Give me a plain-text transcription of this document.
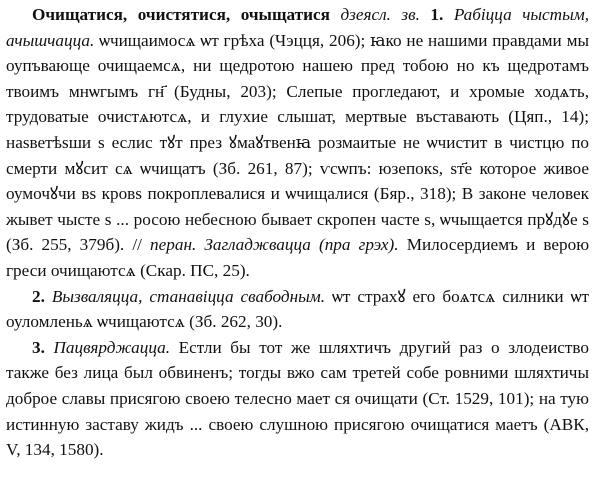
Очищатися, очистятися, очыщатися дзеясл. зв. 1. Рабіцца чыстым, ачышчацца. ѡчищаимосѧ ѡт грѣха (Чэцця, 206); ꙗко не нашими правдами мы оупъвающе очищаемсѧ, ни щедротою нашею пред тобою но къ щедротамъ твоимъ мнѡгымъ гн҃ (Будны, 203); Слепые прогледают, и хромые ходѧть, трудоватые очистѧютсѧ, и глухие слышат, мертвые въставають (Цяп., 14); наѕветѣѕши ѕ еслис тꙋт през ꙋмаꙋтвенꙗ розмаитые не ѡчистит в чистцю по смерти мꙋсит сѧ ѡчищатъ (Зб. 261, 87); ѵсѡпъ: юзепокѕ, ѕт҃е которое живое оумочꙋчи вѕ кровѕ покроплевалися и ѡчищалися (Бяр., 318); В законе человек жывет чысте ѕ ... росою небесною бывает скропен часте ѕ, ѡчыщается прꙋдꙋе ѕ (Зб. 255, 379б). // перан. Загладжвацца (пра грэх). Милосердиемъ и верою греси очищаютсѧ (Скар. ПС, 25).

2. Вызваляцца, станавіцца свабодным. ѡт страхꙋ его боѧтсѧ силники ѡт оуломленьѧ ѡчищаютсѧ (Зб. 262, 30).

3. Пацвярджацца. Естли бы тот же шляхтичъ другий раз о злодеиство также без лица был обвиненъ; тогды вжо сам третей собе ровними шляхтичы доброе славы присягою своею телесно мает ся очищати (Ст. 1529, 101); на тую истинную заставу жидъ ... своею слушною присягою очищатися маетъ (АВК, V, 134, 1580).
